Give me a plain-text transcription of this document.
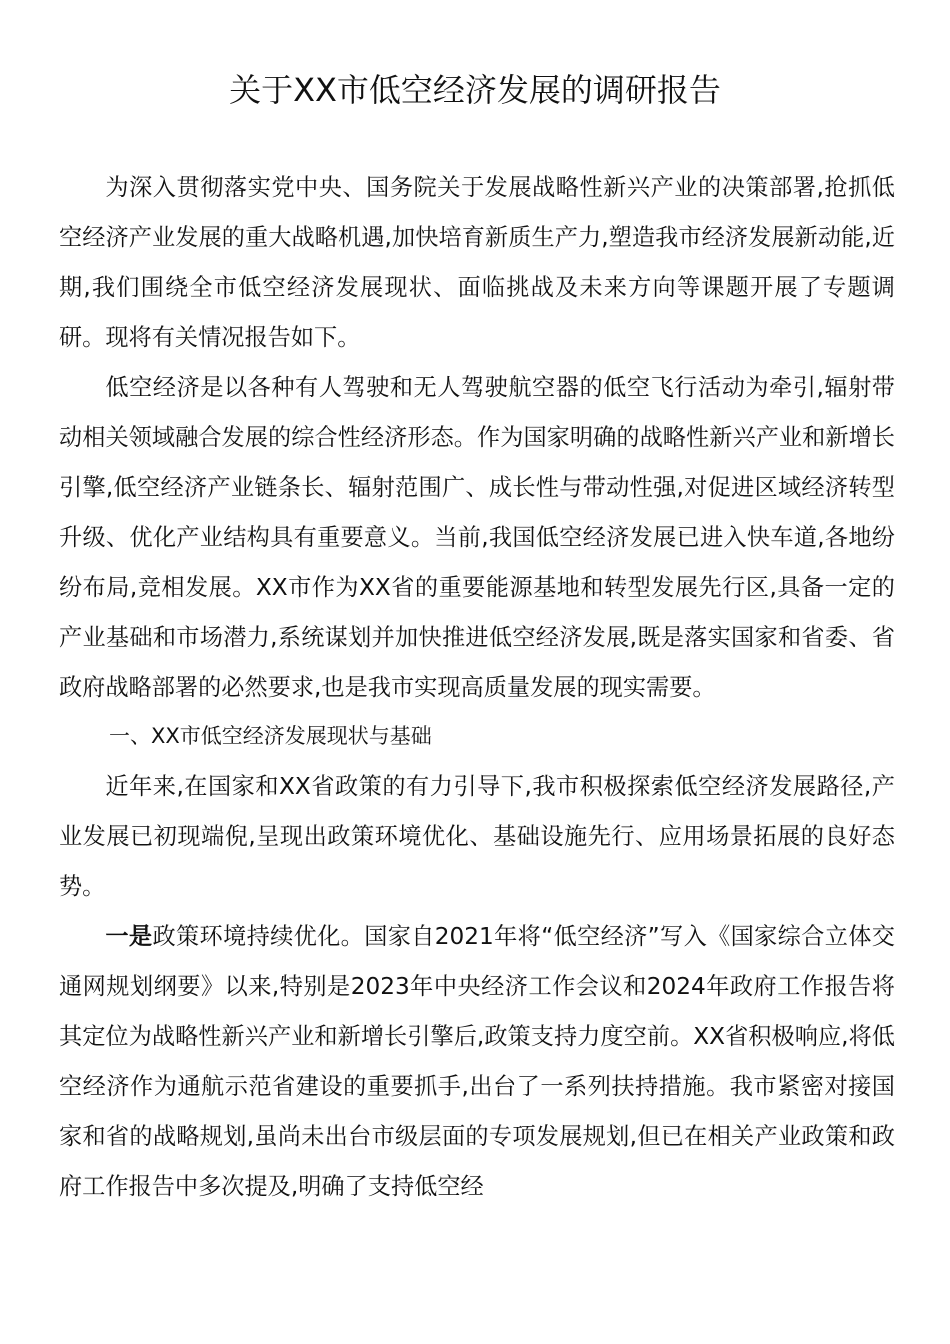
关于XX市低空经济发展的调研报告

为深入贯彻落实党中央、国务院关于发展战略性新兴产业的决策部署,抢抓低空经济产业发展的重大战略机遇,加快培育新质生产力,塑造我市经济发展新动能,近期,我们围绕全市低空经济发展现状、面临挑战及未来方向等课题开展了专题调研。现将有关情况报告如下。

低空经济是以各种有人驾驶和无人驾驶航空器的低空飞行活动为牵引,辐射带动相关领域融合发展的综合性经济形态。作为国家明确的战略性新兴产业和新增长引擎,低空经济产业链条长、辐射范围广、成长性与带动性强,对促进区域经济转型升级、优化产业结构具有重要意义。当前,我国低空经济发展已进入快车道,各地纷纷布局,竞相发展。XX市作为XX省的重要能源基地和转型发展先行区,具备一定的产业基础和市场潜力,系统谋划并加快推进低空经济发展,既是落实国家和省委、省政府战略部署的必然要求,也是我市实现高质量发展的现实需要。

一、XX市低空经济发展现状与基础

近年来,在国家和XX省政策的有力引导下,我市积极探索低空经济发展路径,产业发展已初现端倪,呈现出政策环境优化、基础设施先行、应用场景拓展的良好态势。

一是政策环境持续优化。国家自2021年将“低空经济”写入《国家综合立体交通网规划纲要》以来,特别是2023年中央经济工作会议和2024年政府工作报告将其定位为战略性新兴产业和新增长引擎后,政策支持力度空前。XX省积极响应,将低空经济作为通航示范省建设的重要抓手,出台了一系列扶持措施。我市紧密对接国家和省的战略规划,虽尚未出台市级层面的专项发展规划,但已在相关产业政策和政府工作报告中多次提及,明确了支持低空经
